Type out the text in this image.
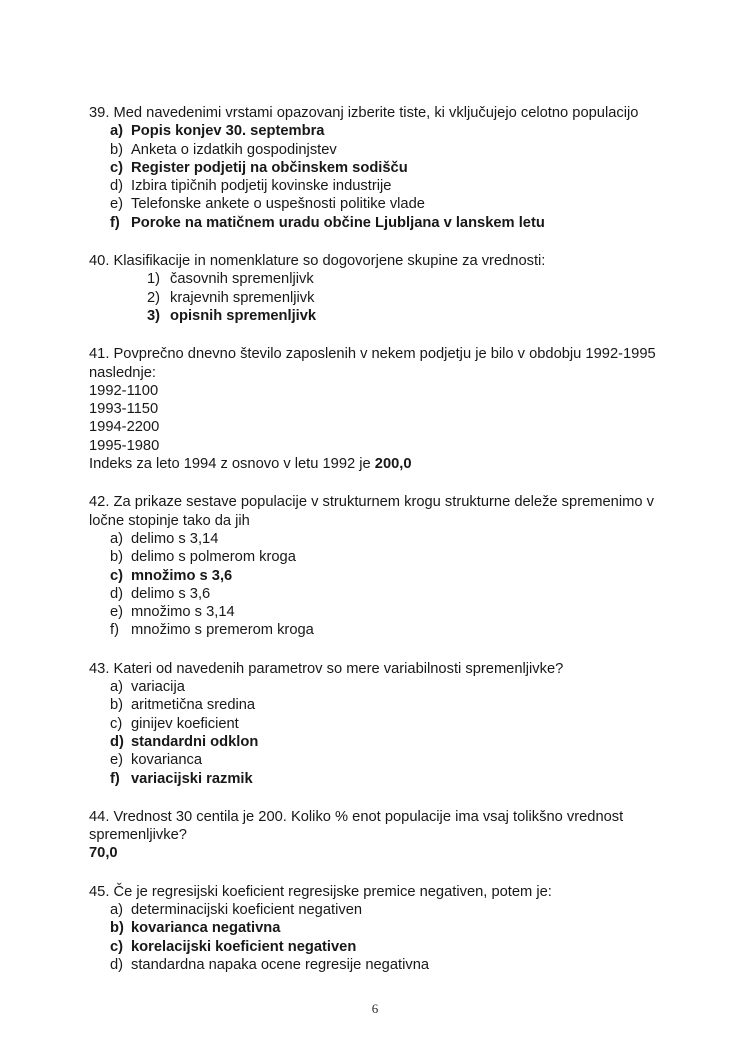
39. Med navedenimi vrstami opazovanj izberite tiste, ki vključujejo celotno populacijo

a) Popis konjev 30. septembra
b) Anketa o izdatkih gospodinjstev
c) Register podjetij na občinskem sodišču
d) Izbira tipičnih podjetij kovinske industrije
e) Telefonske ankete o uspešnosti politike vlade
f) Poroke na matičnem uradu občine Ljubljana v lanskem letu

40. Klasifikacije in nomenklature so dogovorjene skupine za vrednosti:

1) časovnih spremenljivk
2) krajevnih spremenljivk
3) opisnih spremenljivk

41. Povprečno dnevno število zaposlenih v nekem podjetju je bilo v obdobju 1992-1995 naslednje:

1992-1100

1993-1150

1994-2200

1995-1980

Indeks za leto 1994 z osnovo v letu 1992 je 200,0

42. Za prikaze sestave populacije v strukturnem krogu strukturne deleže spremenimo v ločne stopinje tako da jih

a) delimo s 3,14
b) delimo s polmerom kroga
c) množimo s 3,6
d) delimo s 3,6
e) množimo s 3,14
f) množimo s premerom kroga

43. Kateri od navedenih parametrov so mere variabilnosti spremenljivke?

a) variacija
b) aritmetična sredina
c) ginijev koeficient
d) standardni odklon
e) kovarianca
f) variacijski razmik

44. Vrednost 30 centila je 200. Koliko % enot populacije ima vsaj tolikšno vrednost spremenljivke?

70,0

45. Če je regresijski koeficient regresijske premice negativen, potem je:

a) determinacijski koeficient negativen
b) kovarianca negativna
c) korelacijski koeficient negativen
d) standardna napaka ocene regresije negativna
6
